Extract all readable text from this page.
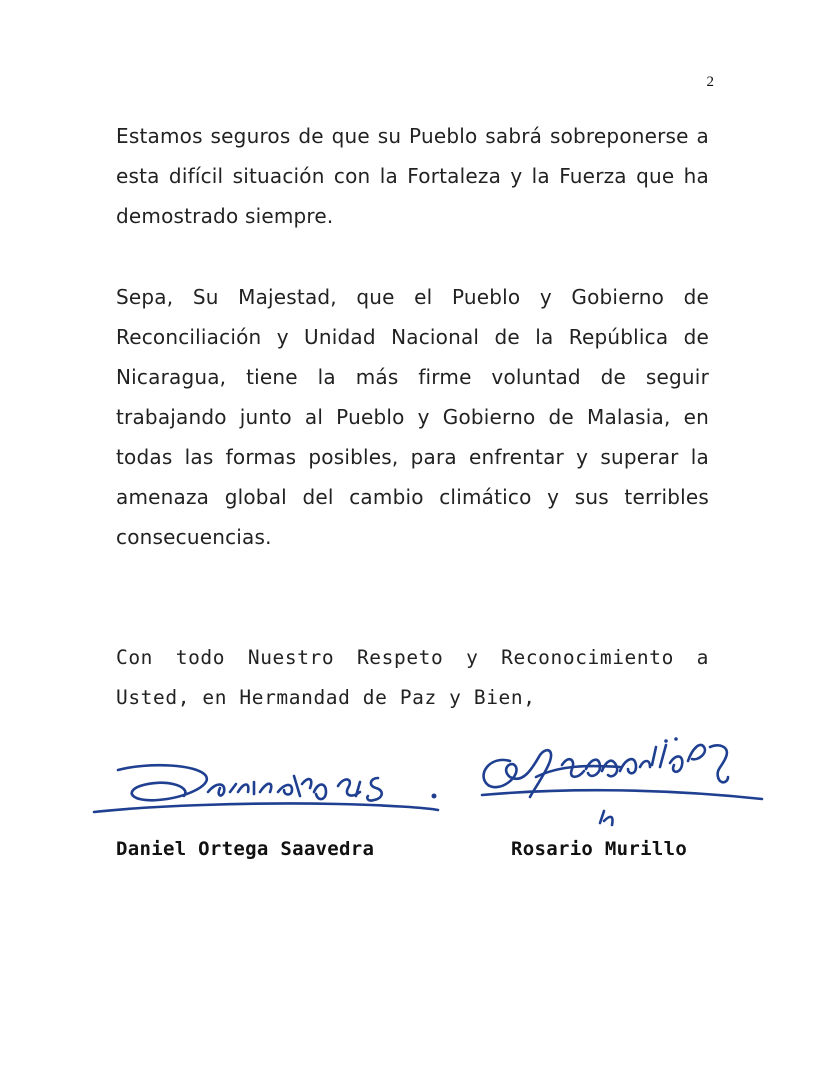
2

Estamos seguros de que su Pueblo sabrá sobreponerse a esta difícil situación con la Fortaleza y la Fuerza que ha demostrado siempre.

Sepa, Su Majestad, que el Pueblo y Gobierno de Reconciliación y Unidad Nacional de la República de Nicaragua, tiene la más firme voluntad de seguir trabajando junto al Pueblo y Gobierno de Malasia, en todas las formas posibles, para enfrentar y superar la amenaza global del cambio climático y sus terribles consecuencias.

Con todo Nuestro Respeto y Reconocimiento a Usted, en Hermandad de Paz y Bien,

Daniel Ortega Saavedra	Rosario Murillo
